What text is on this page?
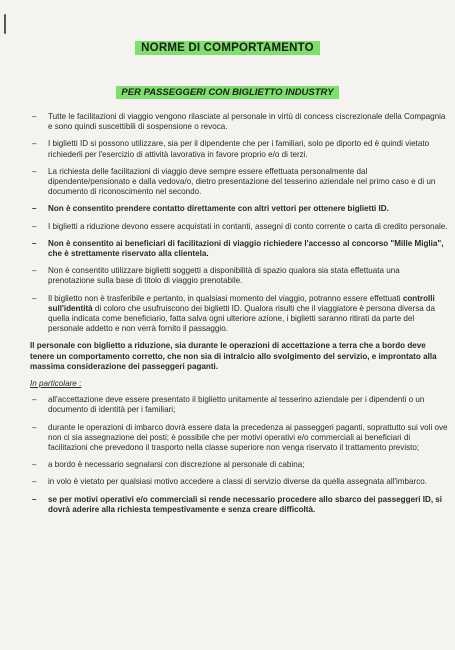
NORME DI COMPORTAMENTO
PER PASSEGGERI CON BIGLIETTO INDUSTRY
– Tutte le facilitazioni di viaggio vengono rilasciate al personale in virtù di concess ciscrezionale della Compagnia e sono quindi suscettibili di sospensione o revoca.
– I biglietti ID si possono utilizzare, sia per il dipendente che per i familiari, solo pe diporto ed è quindi vietato richiederli per l'esercizio di attività lavorativa in favore proprio e/o di terzi.
– La richiesta delle facilitazioni di viaggio deve sempre essere effettuata personalmente dal dipendente/pensionato e dalla vedova/o, dietro presentazione del tesserino aziendale nel primo caso e di un documento di riconoscimento nel secondo.
– Non è consentito prendere contatto direttamente con altri vettori per ottenere biglietti ID.
– I biglietti a riduzione devono essere acquistati in contanti, assegni di conto corrente o carta di credito personale.
– Non è consentito ai beneficiari di facilitazioni di viaggio richiedere l'accesso al concorso "Mille Miglia", che è strettamente riservato alla clientela.
– Non è consentito utilizzare biglietti soggetti a disponibilità di spazio qualora sia stata effettuata una prenotazione sulla base di titolo di viaggio prenotabile.
– Il biglietto non è trasferibile e pertanto, in qualsiasi momento del viaggio, potranno essere effettuati controlli sull'identità di coloro che usufruiscono dei biglietti ID. Qualora risulti che il viaggiatore è persona diversa da quella indicata come beneficiario, fatta salva ogni ulteriore azione, i biglietti saranno ritirati da parte del personale addetto e non verrà fornito il passaggio.
Il personale con biglietto a riduzione, sia durante le operazioni di accettazione a terra che a bordo deve tenere un comportamento corretto, che non sia di intralcio allo svolgimento del servizio, e improntato alla massima considerazione dei passeggeri paganti.
In particolare :
– all'accettazione deve essere presentato il biglietto unitamente al tesserino aziendale per i dipendenti o un documento di identità per i familiari;
– durante le operazioni di imbarco dovrà essere data la precedenza ai passeggeri paganti, soprattutto sui voli ove non ci sia assegnazione dei posti; è possibile che per motivi operativi e/o commerciali ai beneficiari di facilitazioni che prevedono il trasporto nella classe superiore non venga riservato il trattamento previsto;
– a bordo è necessario segnalarsi con discrezione al personale di cabina;
– in volo è vietato per qualsiasi motivo accedere a classi di servizio diverse da quella assegnata all'imbarco.
– se per motivi operativi e/o commerciali si rende necessario procedere allo sbarco dei passeggeri ID, si dovrà aderire alla richiesta tempestivamente e senza creare difficoltà.
